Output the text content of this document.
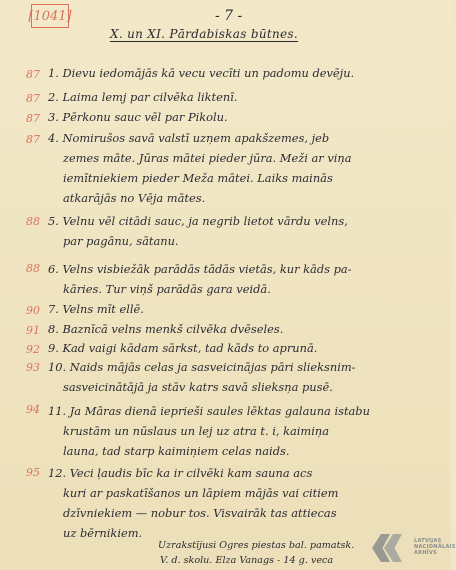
[ 1041 ]	- 7 -
X. un XI. Pārdabiskas būtnes.
87 1. Dievu iedomājās kā vecu vecīti un padomu devēju.
87 2. Laima lemj par cilvēka liktenī.
87 3. Pērkonu sauc vēl par Pikolu.
87 4. Nomirušos savā valstī uzņem apakšzemes, jeb
zemes māte. Jūras mātei pieder jūra. Meži ar viņa
iemītniekiem pieder Meža mātei. Laiks mainās
atkarājās no Vēja mātes.
88 5. Velnu vēl citādi sauc, ja negrib lietot vārdu velns,
par pagānu, sātanu.
88 6. Velns visbiežāk parādās tādās vietās, kur kāds pa-
kāries. Tur viņš parādās gara veidā.
90 7. Velns mīt ellē.
91 8. Baznīcā velns menkš cilvēka dvēseles.
92 9. Kad vaigi kādam sārkst, tad kāds to aprunā.
93 10. Naids mājās celas ja sasveicinājas pāri slieksnim-
sasveicinātājā ja stāv katrs savā slieksņa pusē.
94 11. Ja Māras dienā ieprieši saules lēktas galauna istabu
krustām un nūslaus un lej uz atra t. i, kaimiņa
launa, tad starp kaimiņiem celas naids.
95 12. Veci ļaudis bīc ka ir cilvēki kam sauna acs
kuri ar paskatīšanos un lāpiem mājās vai citiem
dzīvniekiem — nobur tos. Visvairāk tas attiecas
uz bērnikiem.
Uzrakstījusi Ogres piestas bal. pamatsk.
V. d. skolu. Elza Vanags - 14 g. veca
LATVIJAS
NACIONĀLAIS
ARHĪVS
